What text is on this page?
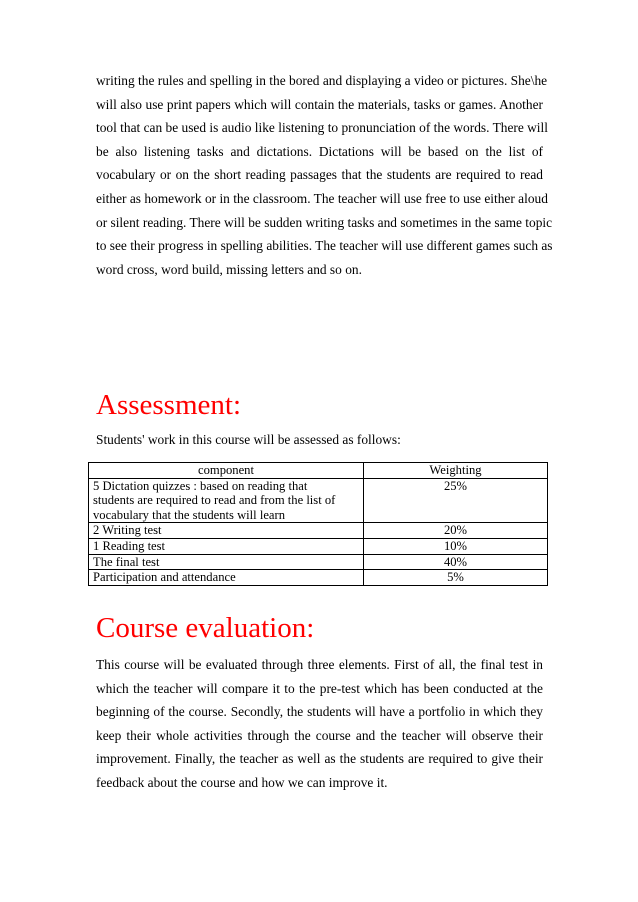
writing the rules and spelling in the bored and displaying a video or pictures. She\he
will also use print papers which will contain the materials, tasks or games. Another
tool that can be used is audio like listening to pronunciation of the words. There will
be also listening tasks and dictations. Dictations will be based on the list of
vocabulary or on the short reading passages that the students are required to read
either as homework or in the classroom. The teacher will use free to use either aloud
or silent reading. There will be sudden writing tasks and sometimes in the same topic
to see their progress in spelling abilities. The teacher will use different games such as
word cross, word build, missing letters and so on.
Assessment:

Students' work in this course will be assessed as follows:

component	Weighting

5 Dictation quizzes : based on reading that
students are required to read and from the list of
vocabulary that the students will learn	25%
2 Writing test	20%
1 Reading test	10%
The final test	40%
Participation and attendance	5%
Course evaluation:
This course will be evaluated through three elements. First of all, the final test in
which the teacher will compare it to the pre-test which has been conducted at the
beginning of the course. Secondly, the students will have a portfolio in which they
keep their whole activities through the course and the teacher will observe their
improvement. Finally, the teacher as well as the students are required to give their
feedback about the course and how we can improve it.
